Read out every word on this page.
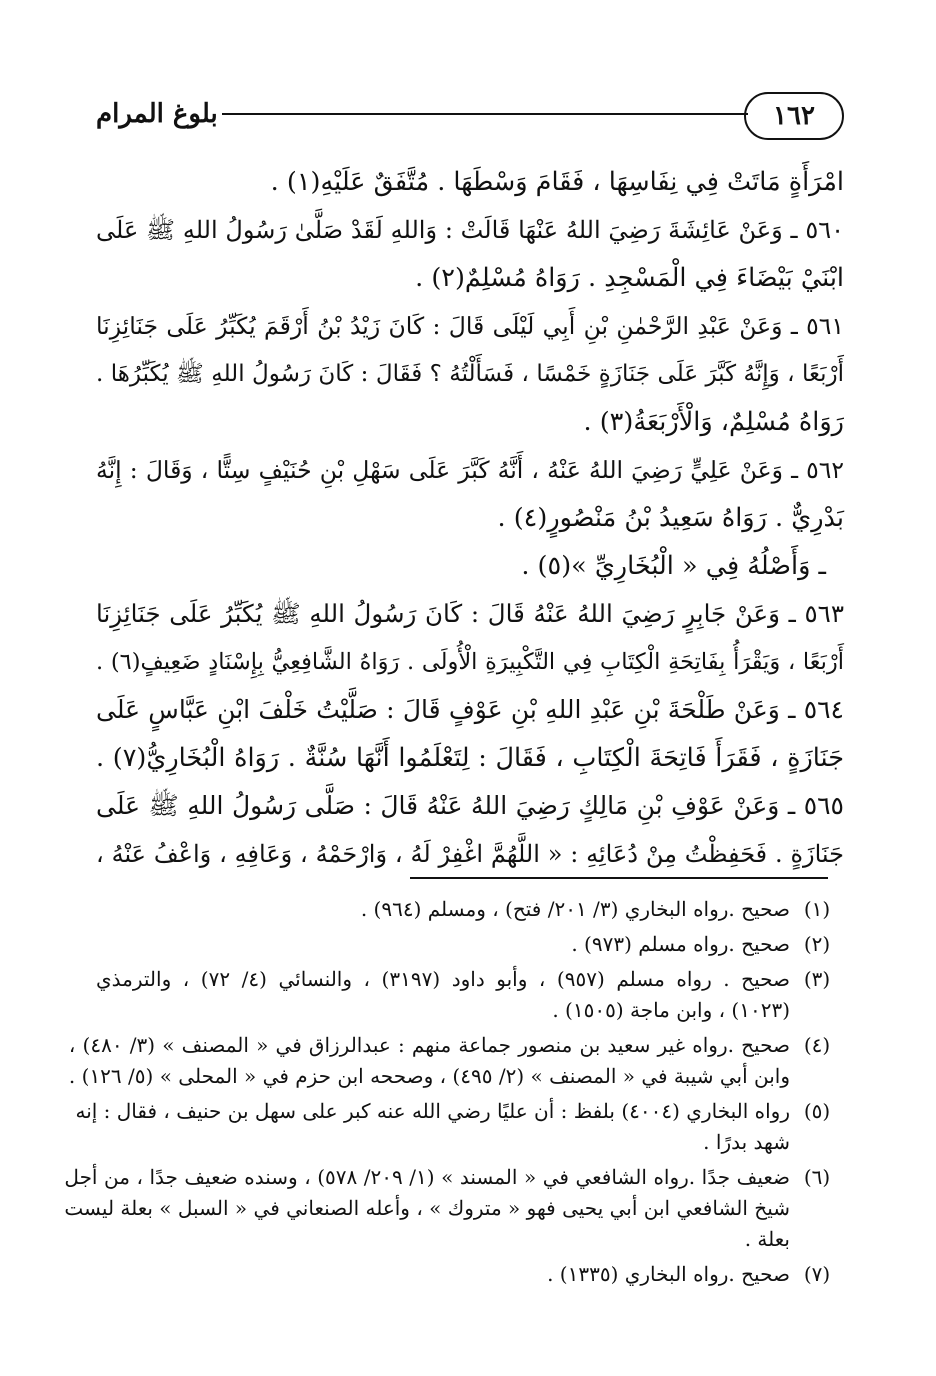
١٦٢
بلوغ المرام
امْرَأَةٍ مَاتَتْ فِي نِفَاسِهَا ، فَقَامَ وَسْطَهَا . مُتَّفَقٌ عَلَيْهِ(١) .
٥٦٠ ـ وَعَنْ عَائِشَةَ رَضِيَ اللهُ عَنْهَا قَالَتْ : وَاللهِ لَقَدْ صَلَّىٰ رَسُولُ اللهِ ﷺ عَلَى
ابْنَيْ بَيْضَاءَ فِي الْمَسْجِدِ . رَوَاهُ مُسْلِمٌ(٢) .
٥٦١ ـ وَعَنْ عَبْدِ الرَّحْمٰنِ بْنِ أَبِي لَيْلَى قَالَ : كَانَ زَيْدُ بْنُ أَرْقَمَ يُكَبِّرُ عَلَى جَنَائِزِنَا
أَرْبَعًا ، وَإِنَّهُ كَبَّرَ عَلَى جَنَازَةٍ خَمْسًا ، فَسَأَلْتُهُ ؟ فَقَالَ : كَانَ رَسُولُ اللهِ ﷺ يُكَبِّرُهَا .
رَوَاهُ مُسْلِمٌ، وَالْأَرْبَعَةُ(٣) .
٥٦٢ ـ وَعَنْ عَلِيٍّ رَضِيَ اللهُ عَنْهُ ، أَنَّهُ كَبَّرَ عَلَى سَهْلِ بْنِ حُنَيْفٍ سِتًّا ، وَقَالَ : إِنَّهُ
بَدْرِيٌّ . رَوَاهُ سَعِيدُ بْنُ مَنْصُورٍ(٤) .
ـ وَأَصْلُهُ فِي « الْبُخَارِيِّ »(٥) .
٥٦٣ ـ وَعَنْ جَابِرٍ رَضِيَ اللهُ عَنْهُ قَالَ : كَانَ رَسُولُ اللهِ ﷺ يُكَبِّرُ عَلَى جَنَائِزِنَا
أَرْبَعًا ، وَيَقْرَأُ بِفَاتِحَةِ الْكِتَابِ فِي التَّكْبِيرَةِ الْأُولَى . رَوَاهُ الشَّافِعِيُّ بِإِسْنَادٍ ضَعِيفٍ(٦) .
٥٦٤ ـ وَعَنْ طَلْحَةَ بْنِ عَبْدِ اللهِ بْنِ عَوْفٍ قَالَ : صَلَّيْتُ خَلْفَ ابْنِ عَبَّاسٍ عَلَى
جَنَازَةٍ ، فَقَرَأَ فَاتِحَةَ الْكِتَابِ ، فَقَالَ : لِتَعْلَمُوا أَنَّهَا سُنَّةٌ . رَوَاهُ الْبُخَارِيُّ(٧) .
٥٦٥ ـ وَعَنْ عَوْفِ بْنِ مَالِكٍ رَضِيَ اللهُ عَنْهُ قَالَ : صَلَّى رَسُولُ اللهِ ﷺ عَلَى
جَنَازَةٍ . فَحَفِظْتُ مِنْ دُعَائِهِ : « اللَّهُمَّ اغْفِرْ لَهُ ، وَارْحَمْهُ ، وَعَافِهِ ، وَاعْفُ عَنْهُ ،
(١)
صحيح .رواه البخاري (٣/ ٢٠١/ فتح) ، ومسلم (٩٦٤) .
(٢)
صحيح .رواه مسلم (٩٧٣) .
(٣)
صحيح . رواه مسلم (٩٥٧) ، وأبو داود (٣١٩٧) ، والنسائي (٤/ ٧٢) ، والترمذي
(١٠٢٣) ، وابن ماجة (١٥٠٥) .
(٤)
صحيح .رواه غير سعيد بن منصور جماعة منهم : عبدالرزاق في « المصنف » (٣/ ٤٨٠) ،
وابن أبي شيبة في « المصنف » (٢/ ٤٩٥) ، وصححه ابن حزم في « المحلى » (٥/ ١٢٦) .
(٥)
رواه البخاري (٤٠٠٤) بلفظ : أن عليًا رضي الله عنه كبر على سهل بن حنيف ، فقال : إنه
شهد بدرًا .
(٦)
ضعيف جدًا .رواه الشافعي في « المسند » (١/ ٢٠٩/ ٥٧٨) ، وسنده ضعيف جدًا ، من أجل
شيخ الشافعي ابن أبي يحيى فهو « متروك » ، وأعله الصنعاني في « السبل » بعلة ليست
بعلة .
(٧)
صحيح .رواه البخاري (١٣٣٥) .
